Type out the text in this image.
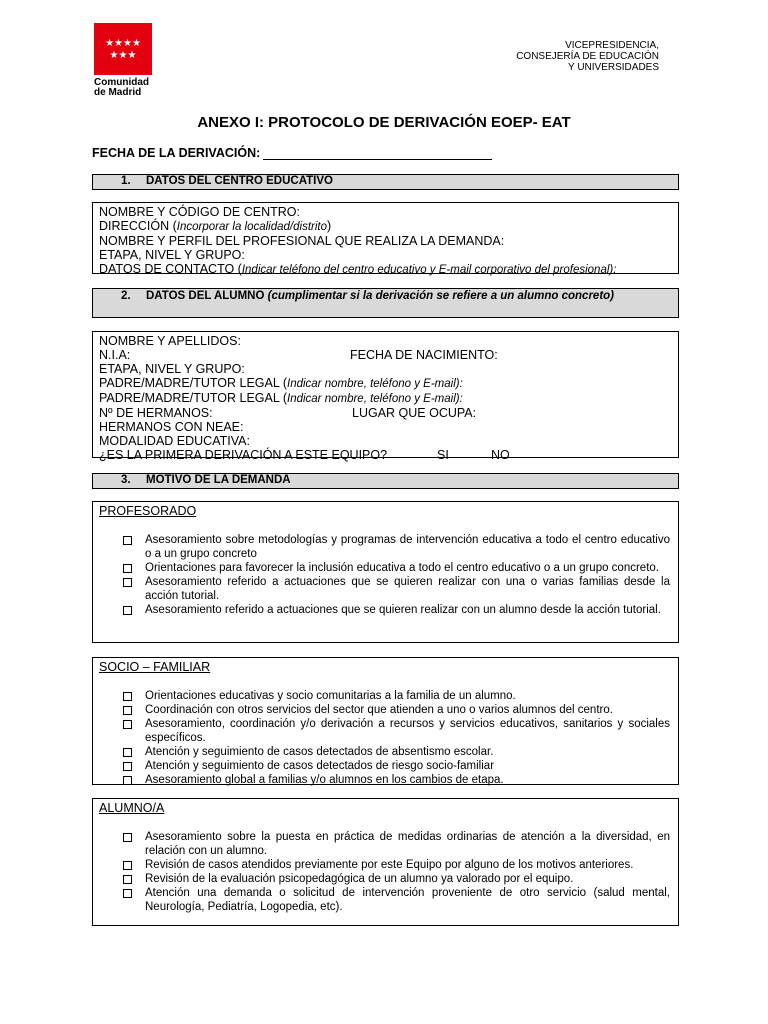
★★★★
★★★
Comunidad
de Madrid
VICEPRESIDENCIA,
CONSEJERÍA DE EDUCACIÓN
Y UNIVERSIDADES
ANEXO I: PROTOCOLO DE DERIVACIÓN EOEP- EAT
FECHA DE LA DERIVACIÓN:
1. DATOS DEL CENTRO EDUCATIVO
NOMBRE Y CÓDIGO DE CENTRO:
DIRECCIÓN (Incorporar la localidad/distrito)
NOMBRE Y PERFIL DEL PROFESIONAL QUE REALIZA LA DEMANDA:
ETAPA, NIVEL Y GRUPO:
DATOS DE CONTACTO (Indicar teléfono del centro educativo y E-mail corporativo del profesional):
2. DATOS DEL ALUMNO (cumplimentar si la derivación se refiere a un alumno concreto)
NOMBRE Y APELLIDOS:
N.I.A:	FECHA DE NACIMIENTO:
ETAPA, NIVEL Y GRUPO:
PADRE/MADRE/TUTOR LEGAL (Indicar nombre, teléfono y E-mail):
PADRE/MADRE/TUTOR LEGAL (Indicar nombre, teléfono y E-mail):
Nº DE HERMANOS:	LUGAR QUE OCUPA:
HERMANOS CON NEAE:
MODALIDAD EDUCATIVA:
¿ES LA PRIMERA DERIVACIÓN A ESTE EQUIPO?	SI	NO
3. MOTIVO DE LA DEMANDA
PROFESORADO
Asesoramiento sobre metodologías y programas de intervención educativa a todo el centro educativo o a un grupo concreto
Orientaciones para favorecer la inclusión educativa a todo el centro educativo o a un grupo concreto.
Asesoramiento referido a actuaciones que se quieren realizar con una o varias familias desde la acción tutorial.
Asesoramiento referido a actuaciones que se quieren realizar con un alumno desde la acción tutorial.
SOCIO – FAMILIAR
Orientaciones educativas y socio comunitarias a la familia de un alumno.
Coordinación con otros servicios del sector que atienden a uno o varios alumnos del centro.
Asesoramiento, coordinación y/o derivación a recursos y servicios educativos, sanitarios y sociales específicos.
Atención y seguimiento de casos detectados de absentismo escolar.
Atención y seguimiento de casos detectados de riesgo socio-familiar
Asesoramiento global a familias y/o alumnos en los cambios de etapa.
ALUMNO/A
Asesoramiento sobre la puesta en práctica de medidas ordinarias de atención a la diversidad, en relación con un alumno.
Revisión de casos atendidos previamente por este Equipo por alguno de los motivos anteriores.
Revisión de la evaluación psicopedagógica de un alumno ya valorado por el equipo.
Atención una demanda o solicitud de intervención proveniente de otro servicio (salud mental, Neurología, Pediatría, Logopedia, etc).
